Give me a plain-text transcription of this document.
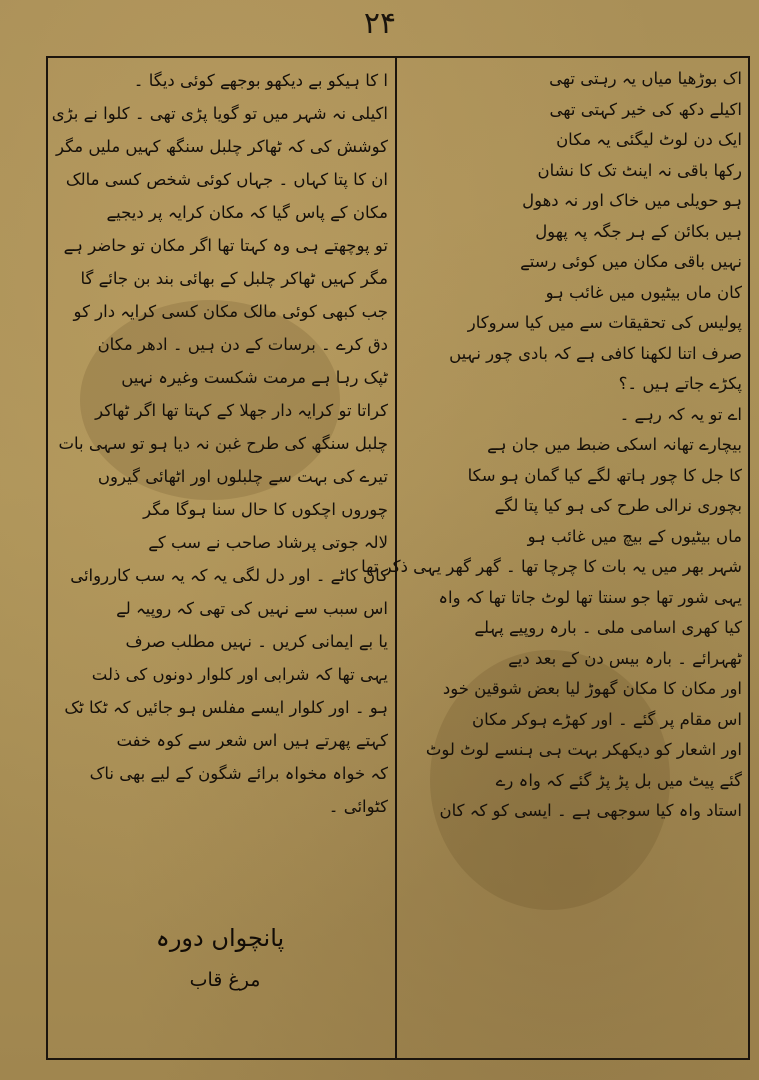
۲۴
اک بوڑھیا میاں یہ رہتی تھی
اکیلے دکھ کی خیر کہتی تھی
ایک دن لوٹ لیگئی یہ مکان
رکھا باقی نہ اینٹ تک کا نشان
ہو حویلی میں خاک اور نہ دھول
ہیں بکائن کے ہر جگہ پہ پھول
نہیں باقی مکان میں کوئی رستے
کان ماں بیٹیوں میں غائب ہو
پولیس کی تحقیقات سے میں کیا سروکار
صرف اتنا لکھنا کافی ہے کہ بادی چور نہیں
پکڑے جاتے ہیں ۔؟
اے تو یہ کہ رہے ۔
بیچارے تھانہ اسکی ضبط میں جان ہے
کا جل کا چور ہاتھ لگے کیا گمان ہو سکا
بچوری نرالی طرح کی ہو کیا پتا لگے
ماں بیٹیوں کے بیچ میں غائب ہو
شہر بھر میں یہ بات کا چرچا تھا ۔ گھر گھر یہی ذکر تھا
یہی شور تھا جو سنتا تھا لوٹ جاتا تھا کہ واہ
کیا کھری اسامی ملی ۔ بارہ روپیے پہلے
ٹھہرائے ۔ بارہ بیس دن کے بعد دیے
اور مکان کا مکان گھوڑ لیا بعض شوقین خود
اس مقام پر گئے ۔ اور کھڑے ہوکر مکان
اور اشعار کو دیکھکر بہت ہی ہنسے لوٹ لوٹ
گئے پیٹ میں بل پڑ پڑ گئے کہ واہ رے
استاد واہ کیا سوجھی ہے ۔ ایسی کو کہ کان
ا کا ہیکو بے دیکھو بوجھے کوئی دیگا ۔
اکیلی نہ شہر میں تو گویا پڑی تھی ۔ کلوا نے بڑی
کوشش کی کہ ٹھاکر چلبل سنگھ کہیں ملیں مگر
ان کا پتا کہاں ۔ جہاں کوئی شخص کسی مالک
مکان کے پاس گیا کہ مکان کرایہ پر دیجیے
تو پوچھتے ہی وہ کہتا تھا اگر مکان تو حاضر ہے
مگر کہیں ٹھاکر چلبل کے بھائی بند بن جائے گا
جب کبھی کوئی مالک مکان کسی کرایہ دار کو
دق کرے ۔ برسات کے دن ہیں ۔ ادھر مکان
ٹپک رہا ہے مرمت شکست وغیرہ نہیں
کراتا تو کرایہ دار جھلا کے کہتا تھا اگر ٹھاکر
چلبل سنگھ کی طرح غبن نہ دیا ہو تو سہی بات
تیرے کی بہت سے چلبلوں اور اٹھائی گیروں
چوروں اچکوں کا حال سنا ہوگا مگر
لالہ جوتی پرشاد صاحب نے سب کے
کان کاٹے ۔ اور دل لگی یہ کہ یہ سب کارروائی
اس سبب سے نہیں کی تھی کہ روپیہ لے
یا بے ایمانی کریں ۔ نہیں مطلب صرف
یہی تھا کہ شرابی اور کلوار دونوں کی ذلت
ہو ۔ اور کلوار ایسے مفلس ہو جائیں کہ ٹکا ٹک
کہتے پھرتے ہیں اس شعر سے کوہ خفت
کہ خواہ مخواہ برائے شگون کے لیے بھی ناک
کٹوائی ۔
پانچواں دورہ
مرغ قاب
